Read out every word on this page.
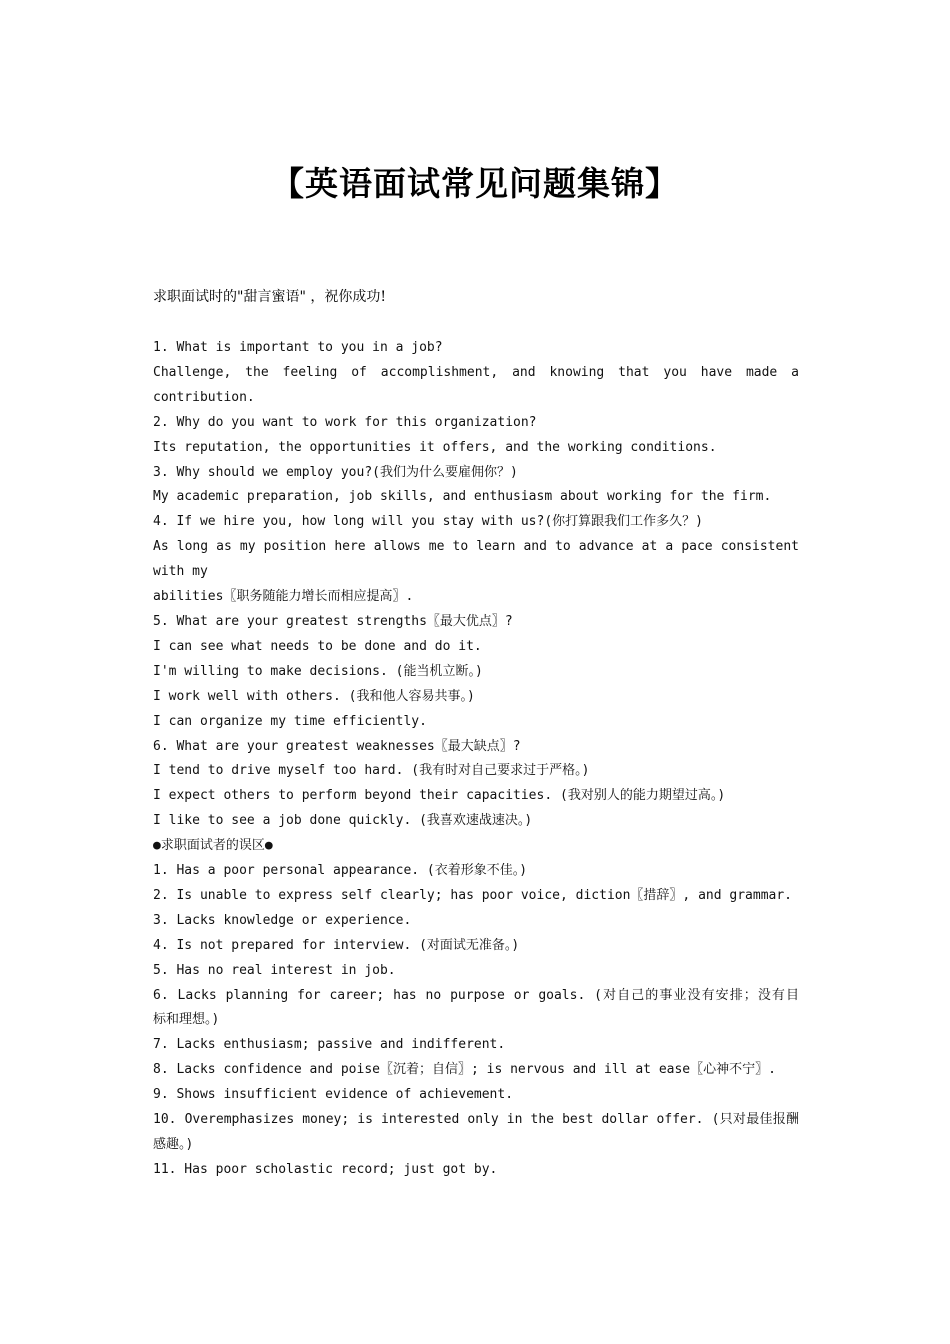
【英语面试常见问题集锦】
求职面试时的"甜言蜜语" ，祝你成功!

1. What is important to you in a job?

Challenge, the feeling of accomplishment, and knowing that you have made a

contribution.

2. Why do you want to work for this organization?

Its reputation, the opportunities it offers, and the working conditions.

3. Why should we employ you?(我们为什么要雇佣你？)

My academic preparation, job skills, and enthusiasm about working for the firm.

4. If we hire you, how long will you stay with us?(你打算跟我们工作多久？)

As long as my position here allows me to learn and to advance at a pace consistent

with my

abilities〖职务随能力增长而相应提高〗.

5. What are your greatest strengths〖最大优点〗?

I can see what needs to be done and do it.

I'm willing to make decisions. (能当机立断。)

I work well with others. (我和他人容易共事。)

I can organize my time efficiently.

6. What are your greatest weaknesses〖最大缺点〗?

I tend to drive myself too hard. (我有时对自己要求过于严格。)

I expect others to perform beyond their capacities. (我对别人的能力期望过高。)

I like to see a job done quickly. (我喜欢速战速决。)

●求职面试者的误区●

1. Has a poor personal appearance. (衣着形象不佳。)

2. Is unable to express self clearly; has poor voice, diction〖措辞〗, and grammar.

3. Lacks knowledge or experience.

4. Is not prepared for interview. (对面试无准备。)

5. Has no real interest in job.

6. Lacks planning for career; has no purpose or goals. (对自己的事业没有安排；没有目

标和理想。)

7. Lacks enthusiasm; passive and indifferent.

8. Lacks confidence and poise〖沉着；自信〗; is nervous and ill at ease〖心神不宁〗.

9. Shows insufficient evidence of achievement.

10. Overemphasizes money; is interested only in the best dollar offer. (只对最佳报酬

感趣。)

11. Has poor scholastic record; just got by.
